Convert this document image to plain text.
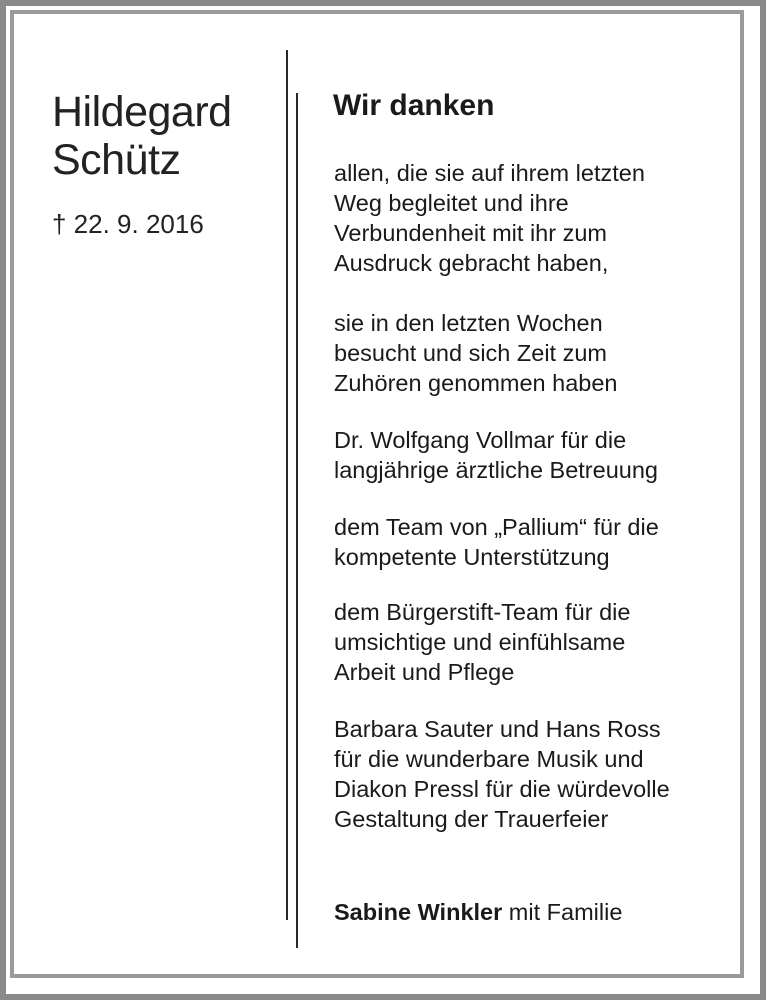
Hildegard
Schütz
† 22. 9. 2016
Wir danken
allen, die sie auf ihrem letzten
Weg begleitet und ihre
Verbundenheit mit ihr zum
Ausdruck gebracht haben,
sie in den letzten Wochen
besucht und sich Zeit zum
Zuhören genommen haben
Dr. Wolfgang Vollmar für die
langjährige ärztliche Betreuung
dem Team von „Pallium“ für die
kompetente Unterstützung
dem Bürgerstift-Team für die
umsichtige und einfühlsame
Arbeit und Pflege
Barbara Sauter und Hans Ross
für die wunderbare Musik und
Diakon Pressl für die würdevolle
Gestaltung der Trauerfeier
Sabine Winkler mit Familie
